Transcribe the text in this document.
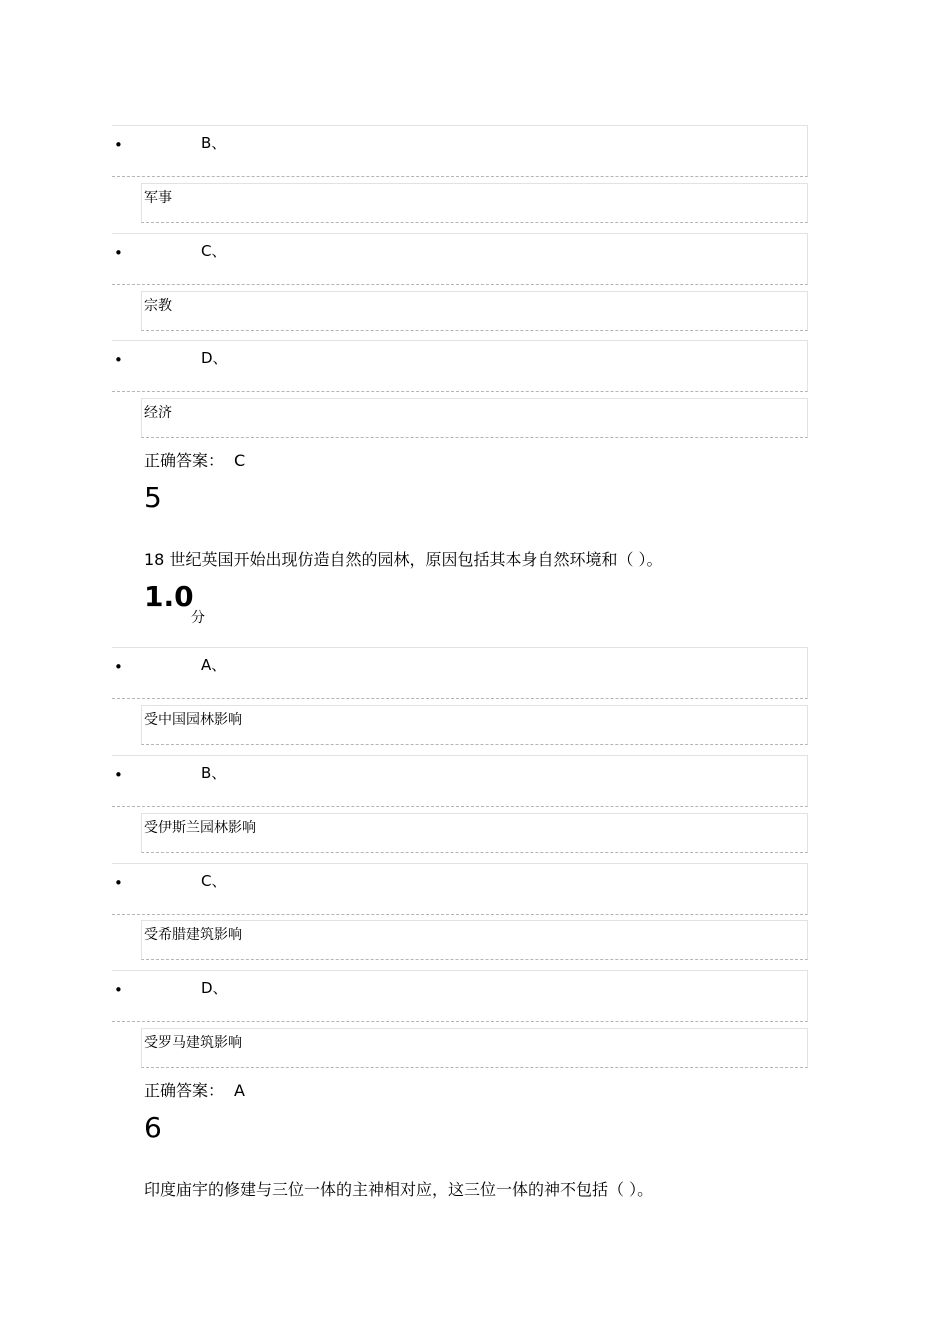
•	B、
军事
•	C、
宗教
•	D、
经济
正确答案： C
5
18 世纪英国开始出现仿造自然的园林，原因包括其本身自然环境和（ ）。
1.0
分
•	A、
受中国园林影响
•	B、
受伊斯兰园林影响
•	C、
受希腊建筑影响
•	D、
受罗马建筑影响
正确答案： A
6
印度庙宇的修建与三位一体的主神相对应，这三位一体的神不包括（ ）。
